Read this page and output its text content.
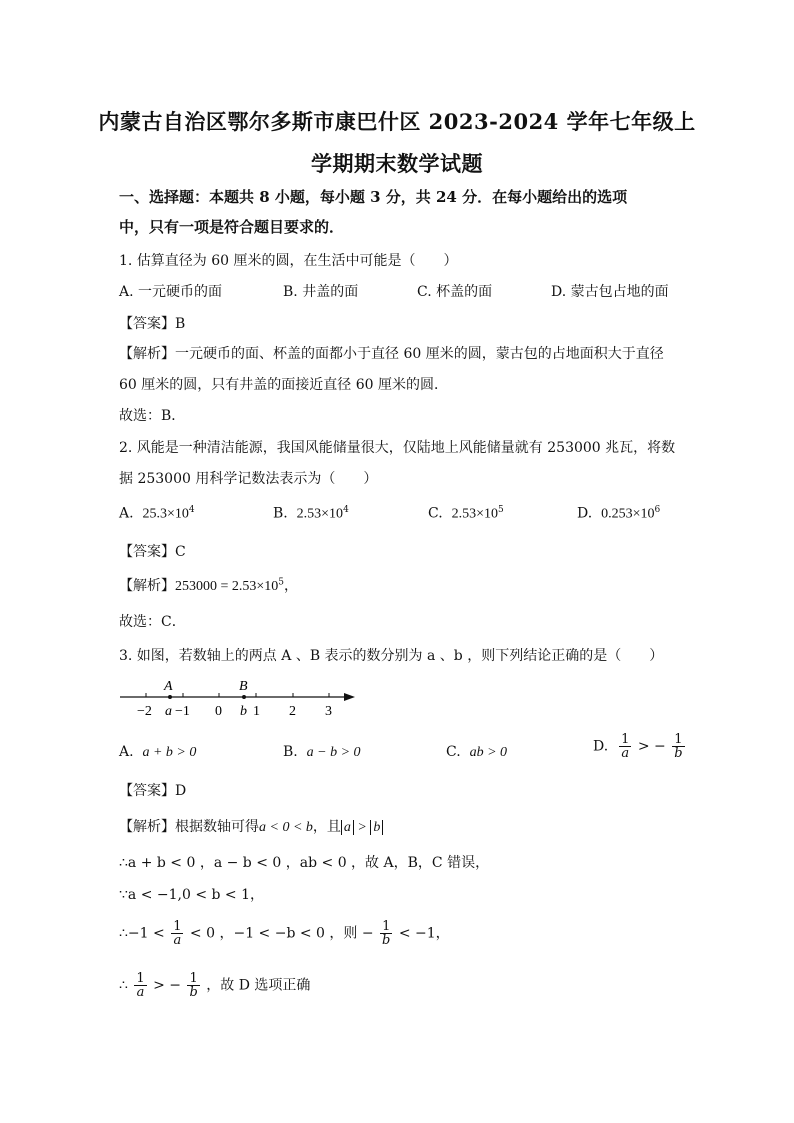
内蒙古自治区鄂尔多斯市康巴什区 2023-2024 学年七年级上
学期期末数学试题
一、选择题：本题共 8 小题，每小题 3 分，共 24 分．在每小题给出的选项
中，只有一项是符合题目要求的．
1. 估算直径为 60 厘米的圆，在生活中可能是（　　）
A. 一元硬币的面	B. 井盖的面	C. 杯盖的面	D. 蒙古包占地的面
【答案】B
【解析】一元硬币的面、杯盖的面都小于直径 60 厘米的圆，蒙古包的占地面积大于直径
60 厘米的圆，只有井盖的面接近直径 60 厘米的圆．
故选：B．
2. 风能是一种清洁能源，我国风能储量很大，仅陆地上风能储量就有 253000 兆瓦，将数
据 253000 用科学记数法表示为（　　）
A. $25.3\times 10^4$	B. $2.53\times 10^4$	C. $2.53\times 10^5$	D. $0.253\times 10^6$
【答案】C
【解析】$253000 = 2.53\times 10^5$，
故选：C．
3. 如图，若数轴上的两点 A 、B 表示的数分别为 a 、b ，则下列结论正确的是（　　）
A	B
−2 a −1 0 b 1 2 3
A. a + b > 0	B. a − b > 0	C. ab > 0	D. $\frac{1}{a}$ > − $\frac{1}{b}$
【答案】D
【解析】根据数轴可得a < 0 < b，且 a > b
∴a + b < 0 ，a − b < 0 ，ab < 0 ，故 A，B，C 错误，
∵a < −1,0 < b < 1，
∴−1 < $\frac{1}{a} < 0$ ，−1 < −b < 0 ，则 − $\frac{1}{b} < -1$，
∴ $\frac{1}{a}$ > − $\frac{1}{b}$ ，故 D 选项正确
